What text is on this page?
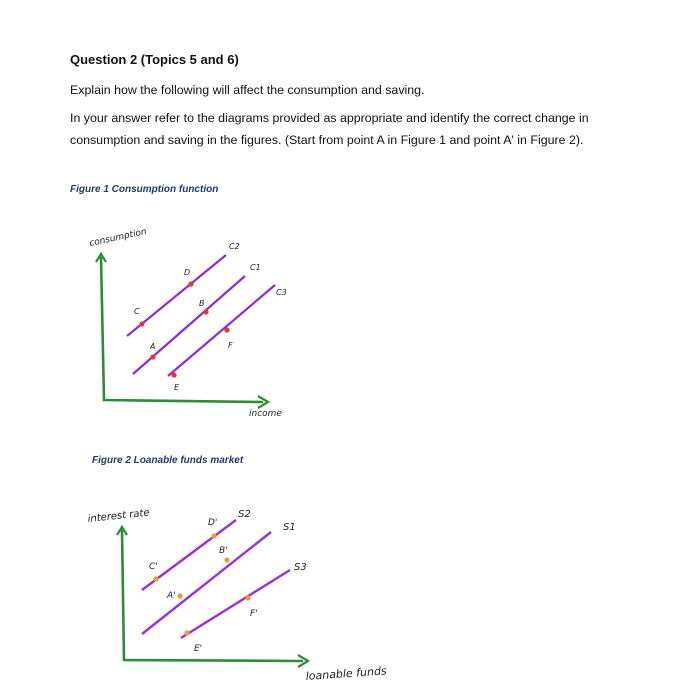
Question 2 (Topics 5 and 6)
Explain how the following will affect the consumption and saving.
In your answer refer to the diagrams provided as appropriate and identify the correct change in consumption and saving in the figures. (Start from point A in Figure 1 and point A' in Figure 2).
Figure 1 Consumption function
Figure 2 Loanable funds market
consumption
income
C2
C1
C3
C
D
A
B
E
F
interest rate
loanable funds
S2
S1
S3
C'
D'
A'
B'
E'
F'
